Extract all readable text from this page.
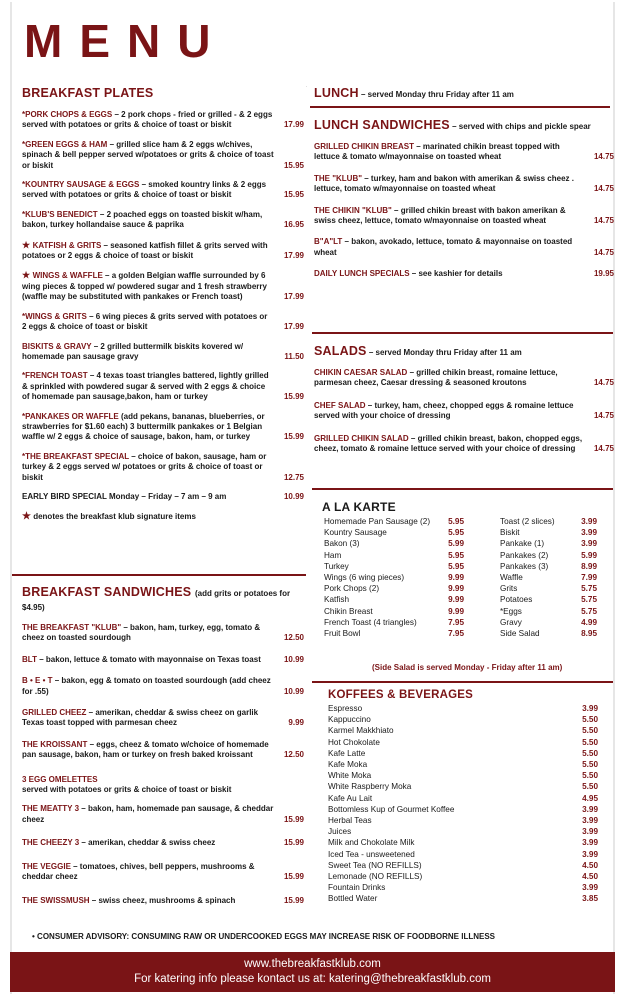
MENU
BREAKFAST PLATES
*PORK CHOPS & EGGS – 2 pork chops - fried or grilled - & 2 eggs served with potatoes or grits & choice of toast or biskit	17.99
*GREEN EGGS & HAM – grilled slice ham & 2 eggs w/chives, spinach & bell pepper served w/potatoes or grits & choice of toast or biskit	15.95
*KOUNTRY SAUSAGE & EGGS – smoked kountry links & 2 eggs served with potatoes or grits & choice of toast or biskit	15.95
*KLUB'S BENEDICT – 2 poached eggs on toasted biskit w/ham, bakon, turkey hollandaise sauce & paprika	16.95
★ KATFISH & GRITS – seasoned katfish fillet & grits served with potatoes or 2 eggs & choice of toast or biskit	17.99
★ WINGS & WAFFLE – a golden Belgian waffle surrounded by 6 wing pieces & topped w/ powdered sugar and 1 fresh strawberry (waffle may be substituted with pankakes or French toast)	17.99
*WINGS & GRITS – 6 wing pieces & grits served with potatoes or 2 eggs & choice of toast or biskit	17.99
BISKITS & GRAVY – 2 grilled buttermilk biskits kovered w/ homemade pan sausage gravy	11.50
*FRENCH TOAST – 4 texas toast triangles battered, lightly grilled & sprinkled with powdered sugar & served with 2 eggs & choice of homemade pan sausage,bakon, ham or turkey	15.99
*PANKAKES OR WAFFLE (add pekans, bananas, blueberries, or strawberries for $1.60 each) 3 buttermilk pankakes or 1 Belgian waffle w/ 2 eggs & choice of sausage, bakon, ham, or turkey	15.99
*THE BREAKFAST SPECIAL – choice of bakon, sausage, ham or turkey & 2 eggs served w/ potatoes or grits & choice of toast or biskit	12.75
EARLY BIRD SPECIAL Monday – Friday – 7 am – 9 am	10.99
★ denotes the breakfast klub signature items
BREAKFAST SANDWICHES (add grits or potatoes for $4.95)
THE BREAKFAST "KLUB" – bakon, ham, turkey, egg, tomato & cheez on toasted sourdough	12.50
BLT – bakon, lettuce & tomato with mayonnaise on Texas toast	10.99
B • E • T – bakon, egg & tomato on toasted sourdough (add cheez for .55)	10.99
GRILLED CHEEZ – amerikan, cheddar & swiss cheez on garlik Texas toast topped with parmesan cheez	9.99
THE KROISSANT – eggs, cheez & tomato w/choice of homemade pan sausage, bakon, ham or turkey on fresh baked kroissant	12.50
3 EGG OMELETTES
served with potatoes or grits & choice of toast or biskit
THE MEATTY 3 – bakon, ham, homemade pan sausage, & cheddar cheez	15.99
THE CHEEZY 3 – amerikan, cheddar & swiss cheez	15.99
THE VEGGIE – tomatoes, chives, bell peppers, mushrooms & cheddar cheez	15.99
THE SWISSMUSH – swiss cheez, mushrooms & spinach	15.99
LUNCH – served Monday thru Friday after 11 am
LUNCH SANDWICHES – served with chips and pickle spear
GRILLED CHIKIN BREAST – marinated chikin breast topped with lettuce & tomato w/mayonnaise on toasted wheat	14.75
THE "KLUB" – turkey, ham and bakon with amerikan & swiss cheez . lettuce, tomato w/mayonnaise on toasted wheat	14.75
THE CHIKIN "KLUB" – grilled chikin breast with bakon amerikan & swiss cheez, lettuce, tomato w/mayonnaise on toasted wheat	14.75
B"A"LT – bakon, avokado, lettuce, tomato & mayonnaise on toasted wheat	14.75
DAILY LUNCH SPECIALS – see kashier for details	19.95
SALADS – served Monday thru Friday after 11 am
CHIKIN CAESAR SALAD – grilled chikin breast, romaine lettuce, parmesan cheez, Caesar dressing & seasoned kroutons	14.75
CHEF SALAD – turkey, ham, cheez, chopped eggs & romaine lettuce served with your choice of dressing	14.75
GRILLED CHIKIN SALAD – grilled chikin breast, bakon, chopped eggs, cheez, tomato & romaine lettuce served with your choice of dressing 14.75
A LA KARTE
Homemade Pan Sausage (2)	5.95
Kountry Sausage	5.95
Bakon (3)	5.99
Ham	5.95
Turkey	5.95
Wings (6 wing pieces)	9.99
Pork Chops (2)	9.99
Katfish	9.99
Chikin Breast	9.99
French Toast (4 triangles)	7.95
Fruit Bowl	7.95
Toast (2 slices)	3.99
Biskit	3.99
Pankake (1)	3.99
Pankakes (2)	5.99
Pankakes (3)	8.99
Waffle	7.99
Grits	5.75
Potatoes	5.75
*Eggs	5.75
Gravy	4.99
Side Salad	8.95
(Side Salad is served Monday - Friday after 11 am)
KOFFEES & BEVERAGES
Espresso	3.99
Kappuccino	5.50
Karmel Makkhiato	5.50
Hot Chokolate	5.50
Kafe Latte	5.50
Kafe Moka	5.50
White Moka	5.50
White Raspberry Moka	5.50
Kafe Au Lait	4.95
Bottomless Kup of Gourmet Koffee	3.99
Herbal Teas	3.99
Juices	3.99
Milk and Chokolate Milk	3.99
Iced Tea - unsweetened	3.99
Sweet Tea (NO REFILLS)	4.50
Lemonade (NO REFILLS)	4.50
Fountain Drinks	3.99
Bottled Water	3.85
• CONSUMER ADVISORY: CONSUMING RAW OR UNDERCOOKED EGGS MAY INCREASE RISK OF FOODBORNE ILLNESS
www.thebreakfastklub.com
For katering info please kontact us at: katering@thebreakfastklub.com
